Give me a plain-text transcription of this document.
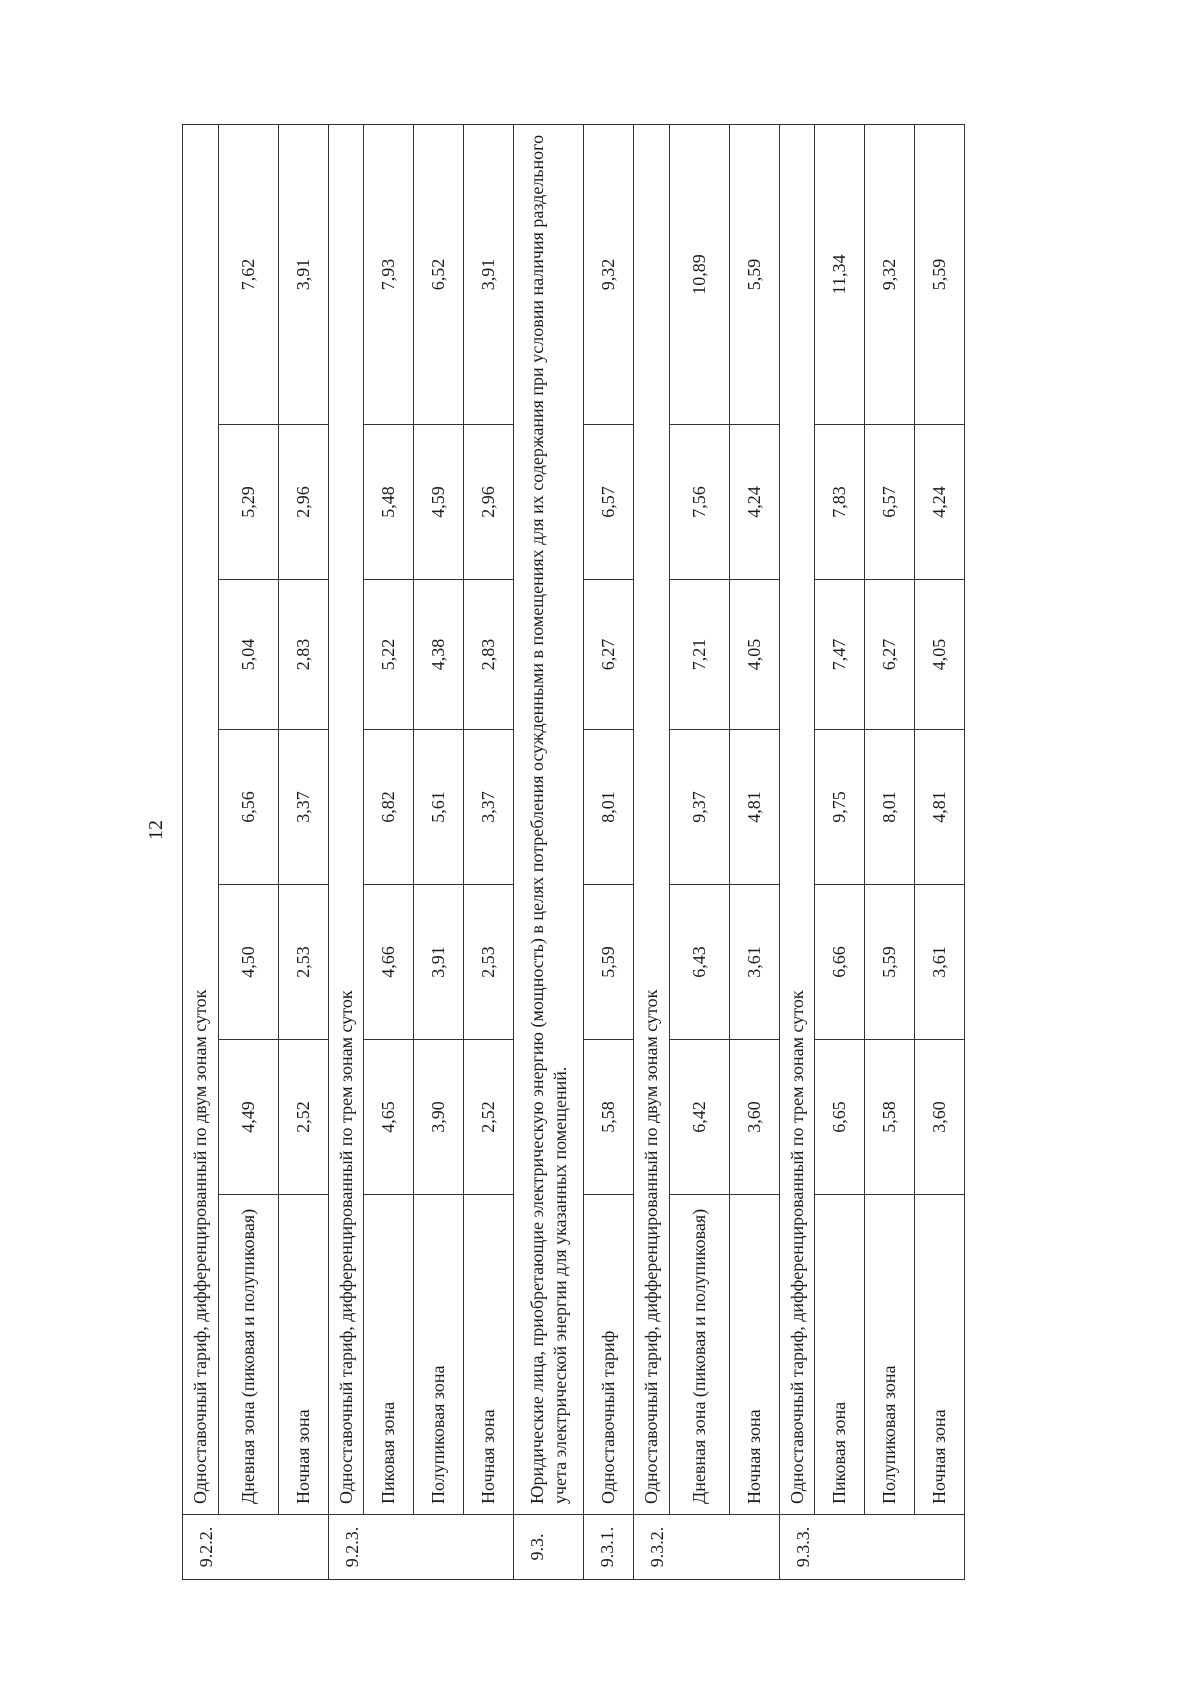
12
9.2.2.	Одноставочный тариф, дифференцированный по двум зонам суток						
	Дневная зона (пиковая и полупиковая)	4,49	4,50	6,56	5,04	5,29	7,62
	Ночная зона	2,52	2,53	3,37	2,83	2,96	3,91
9.2.3.	Одноставочный тариф, дифференцированный по трем зонам суток						
	Пиковая зона	4,65	4,66	6,82	5,22	5,48	7,93
	Полупиковая зона	3,90	3,91	5,61	4,38	4,59	6,52
	Ночная зона	2,52	2,53	3,37	2,83	2,96	3,91
9.3.	Юридические лица, приобретающие электрическую энергию (мощность) в целях потребления осужденными в помещениях для их содержания при условии наличия раздельного учета электрической энергии для указанных помещений.						
9.3.1.	Одноставочный тариф	5,58	5,59	8,01	6,27	6,57	9,32
9.3.2.	Одноставочный тариф, дифференцированный по двум зонам суток						
	Дневная зона (пиковая и полупиковая)	6,42	6,43	9,37	7,21	7,56	10,89
	Ночная зона	3,60	3,61	4,81	4,05	4,24	5,59
9.3.3.	Одноставочный тариф, дифференцированный по трем зонам суток						
	Пиковая зона	6,65	6,66	9,75	7,47	7,83	11,34
	Полупиковая зона	5,58	5,59	8,01	6,27	6,57	9,32
	Ночная зона	3,60	3,61	4,81	4,05	4,24	5,59
